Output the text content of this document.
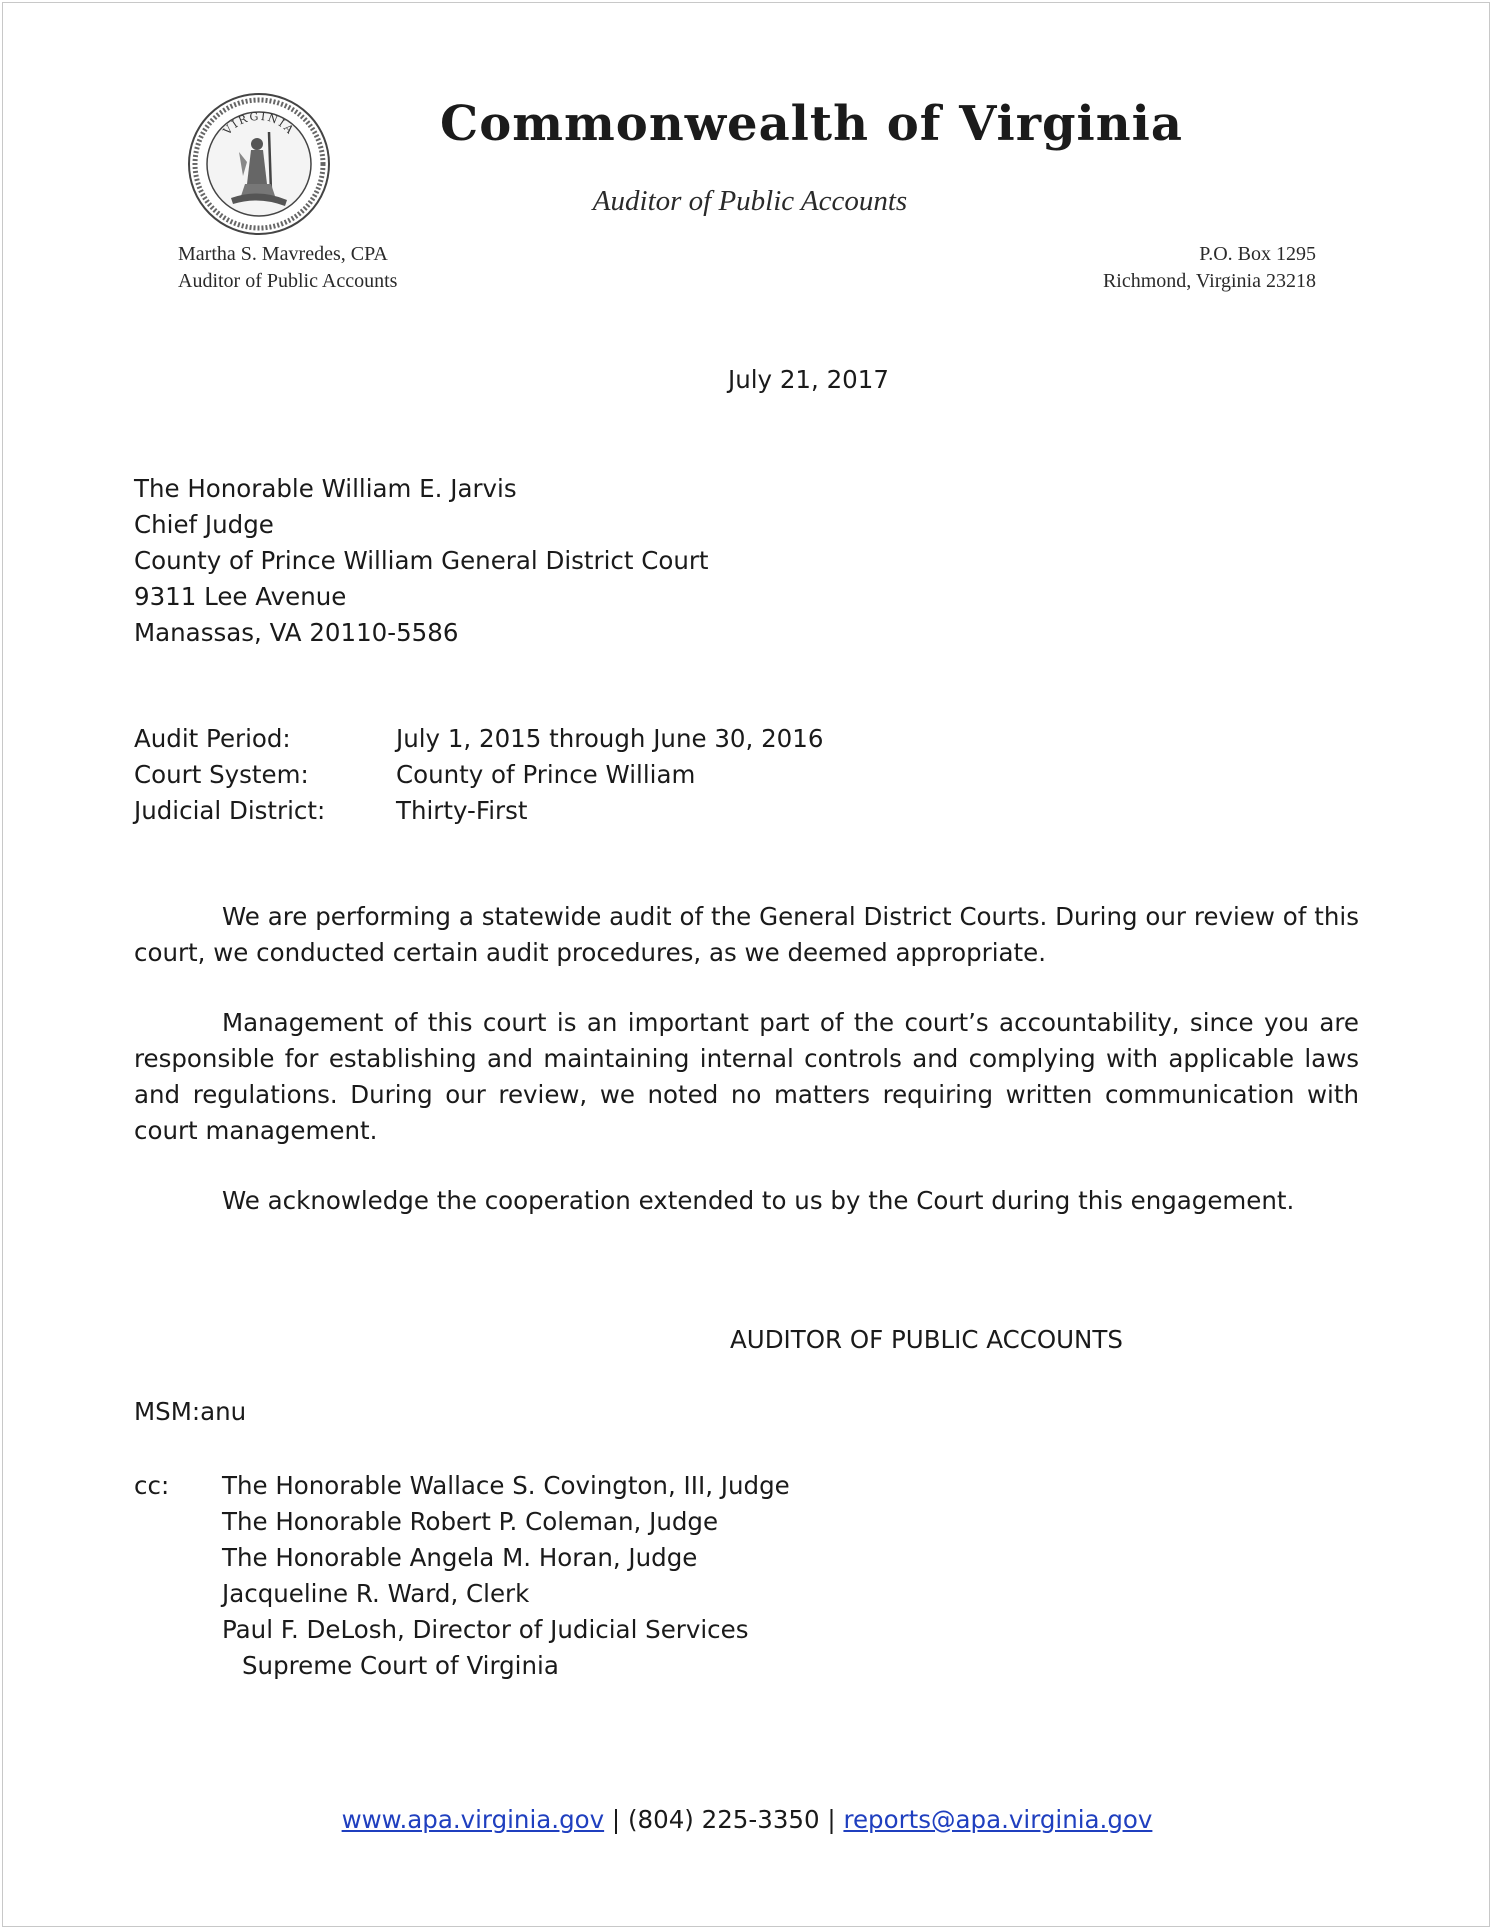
VIRGINIA	Commonwealth of Virginia
Auditor of Public Accounts
Martha S. Mavredes, CPA
Auditor of Public Accounts
P.O. Box 1295
Richmond, Virginia 23218
July 21, 2017
The Honorable William E. Jarvis
Chief Judge
County of Prince William General District Court
9311 Lee Avenue
Manassas, VA 20110-5586
Audit Period:	July 1, 2015 through June 30, 2016
Court System:	County of Prince William
Judicial District:	Thirty-First

We are performing a statewide audit of the General District Courts. During our review of this court, we conducted certain audit procedures, as we deemed appropriate.

Management of this court is an important part of the court’s accountability, since you are responsible for establishing and maintaining internal controls and complying with applicable laws and regulations. During our review, we noted no matters requiring written communication with court management.

We acknowledge the cooperation extended to us by the Court during this engagement.

AUDITOR OF PUBLIC ACCOUNTS
MSM:anu
cc:	The Honorable Wallace S. Covington, III, Judge
The Honorable Robert P. Coleman, Judge
The Honorable Angela M. Horan, Judge
Jacqueline R. Ward, Clerk
Paul F. DeLosh, Director of Judicial Services
Supreme Court of Virginia
www.apa.virginia.gov | (804) 225-3350 | reports@apa.virginia.gov
